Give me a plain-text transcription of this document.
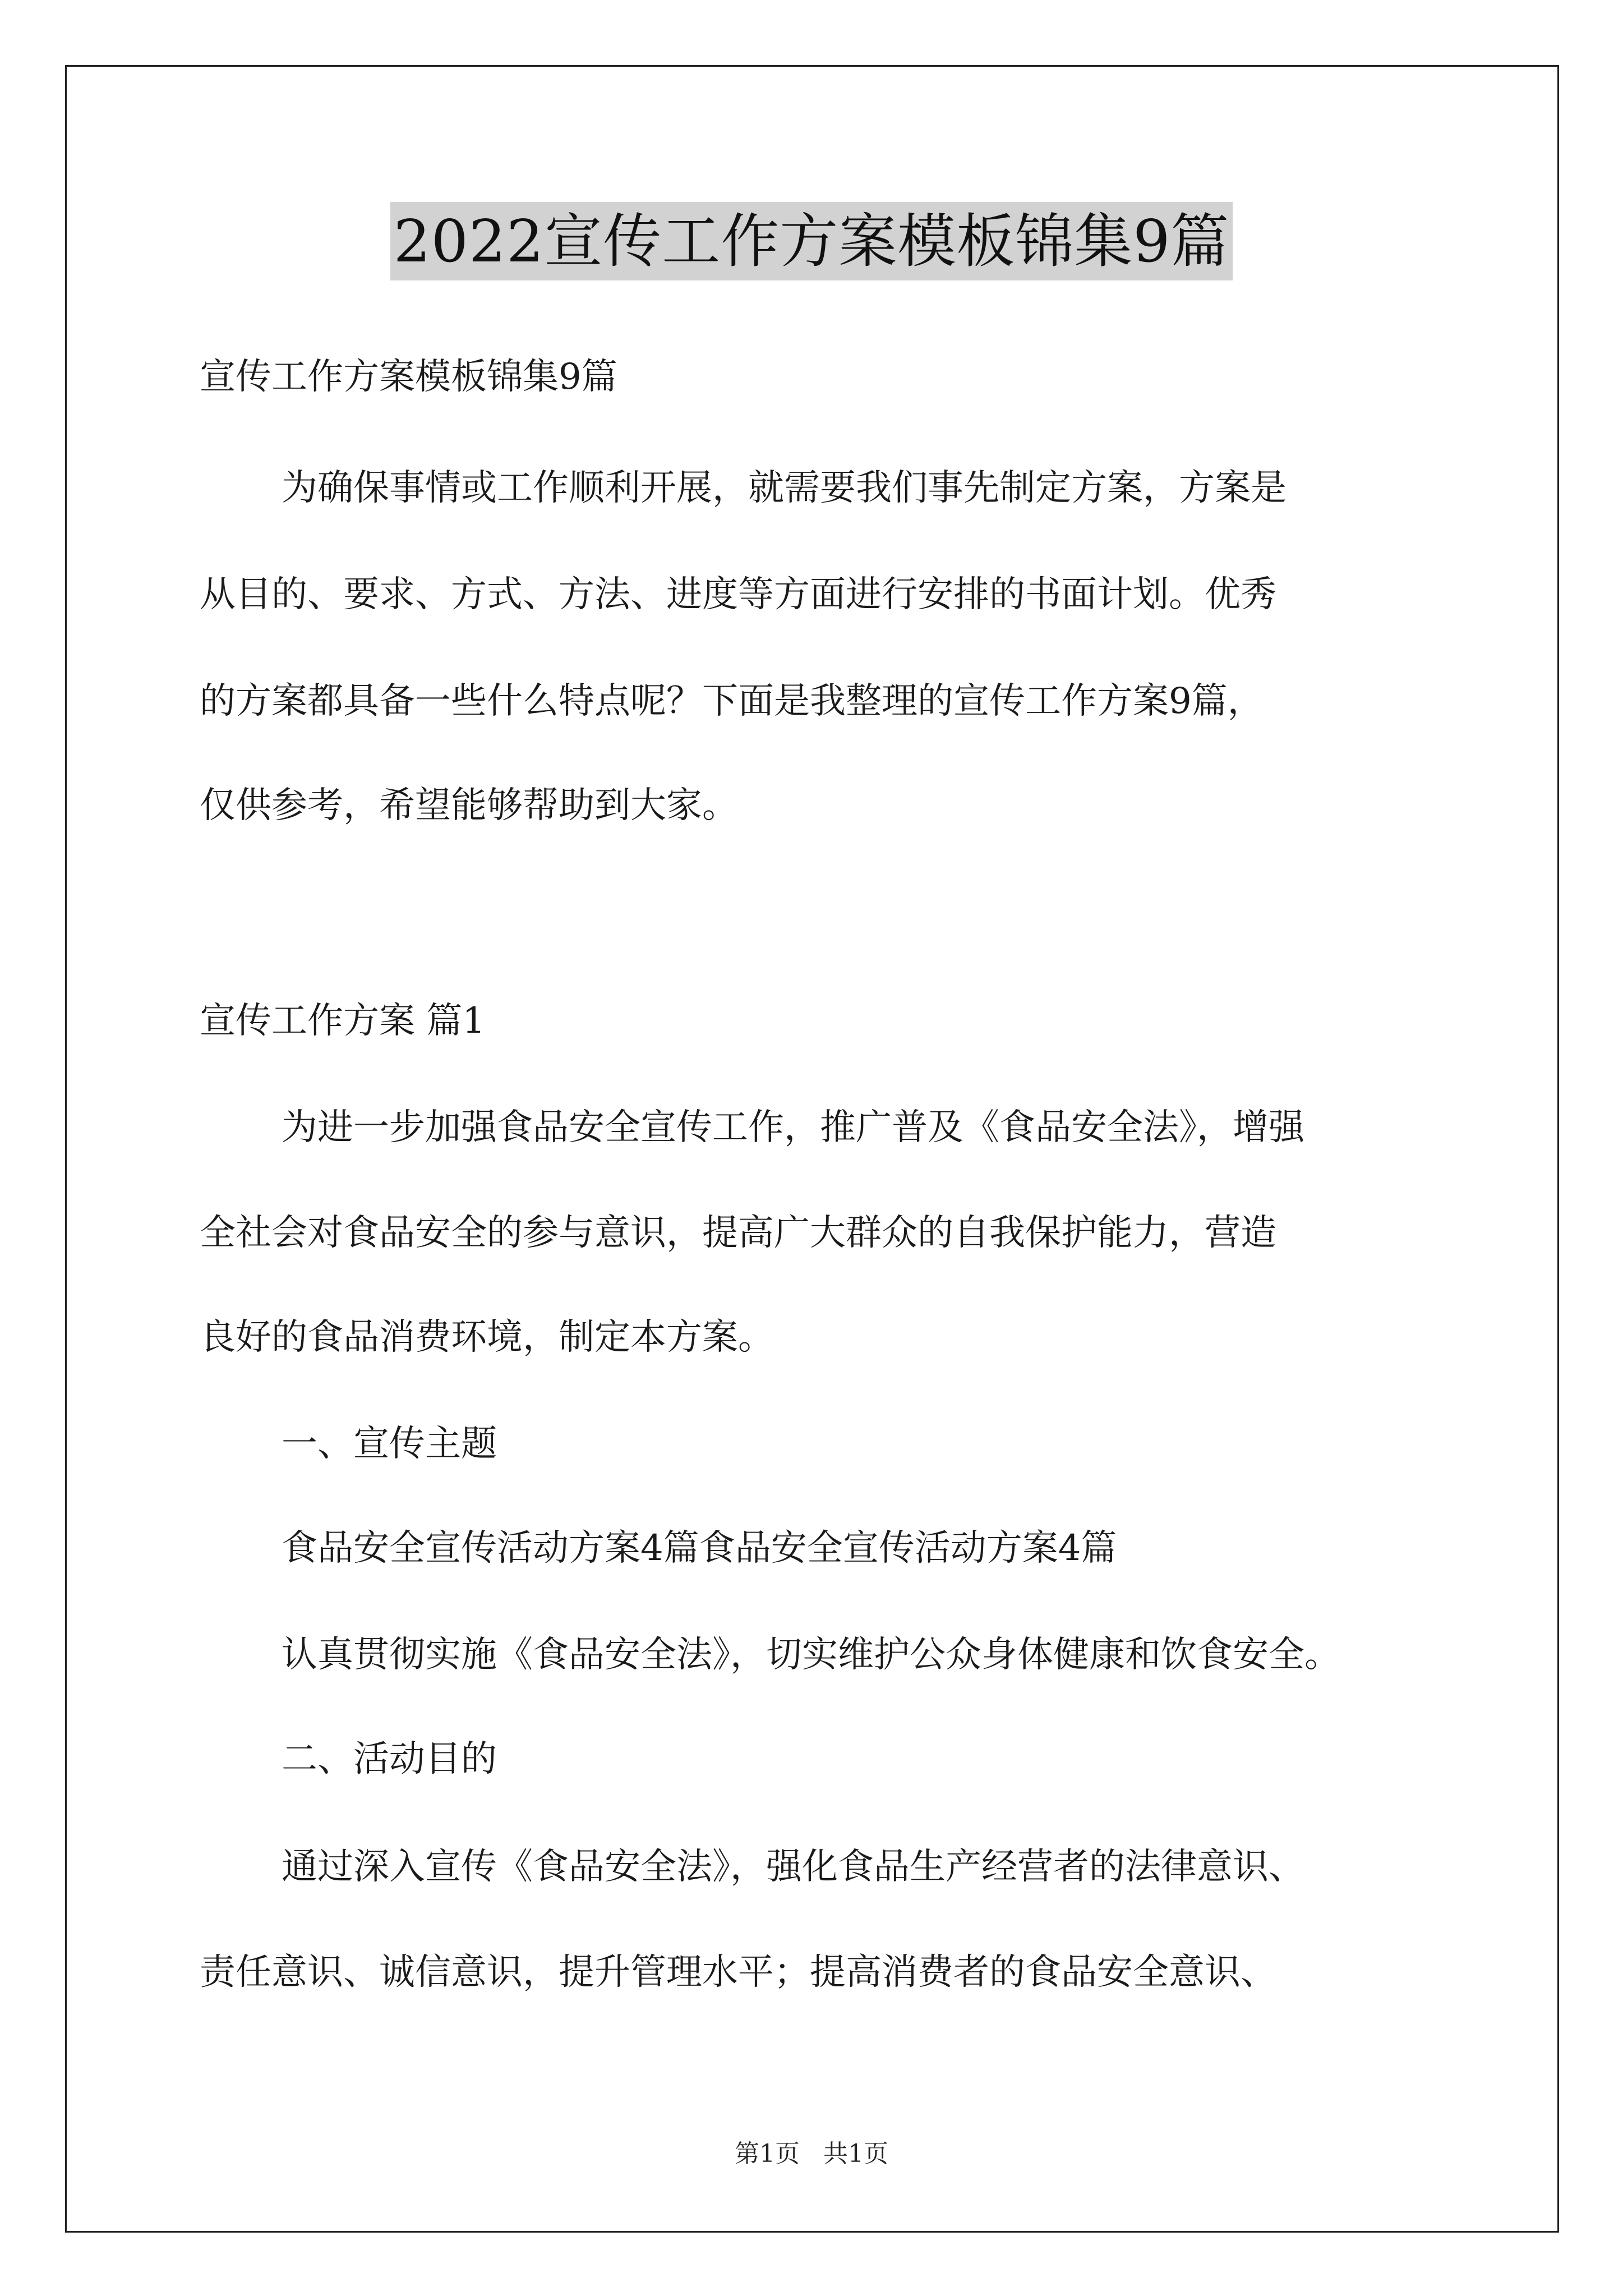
2022宣传工作方案模板锦集9篇
宣传工作方案模板锦集9篇
为确保事情或工作顺利开展，就需要我们事先制定方案，方案是
从目的、要求、方式、方法、进度等方面进行安排的书面计划。优秀
的方案都具备一些什么特点呢？下面是我整理的宣传工作方案9篇，
仅供参考，希望能够帮助到大家。
宣传工作方案 篇1
为进一步加强食品安全宣传工作，推广普及《食品安全法》，增强
全社会对食品安全的参与意识，提高广大群众的自我保护能力，营造
良好的食品消费环境，制定本方案。
一、宣传主题
食品安全宣传活动方案4篇食品安全宣传活动方案4篇
认真贯彻实施《食品安全法》，切实维护公众身体健康和饮食安全。
二、活动目的
通过深入宣传《食品安全法》，强化食品生产经营者的法律意识、
责任意识、诚信意识，提升管理水平；提高消费者的食品安全意识、
第1页 共1页
